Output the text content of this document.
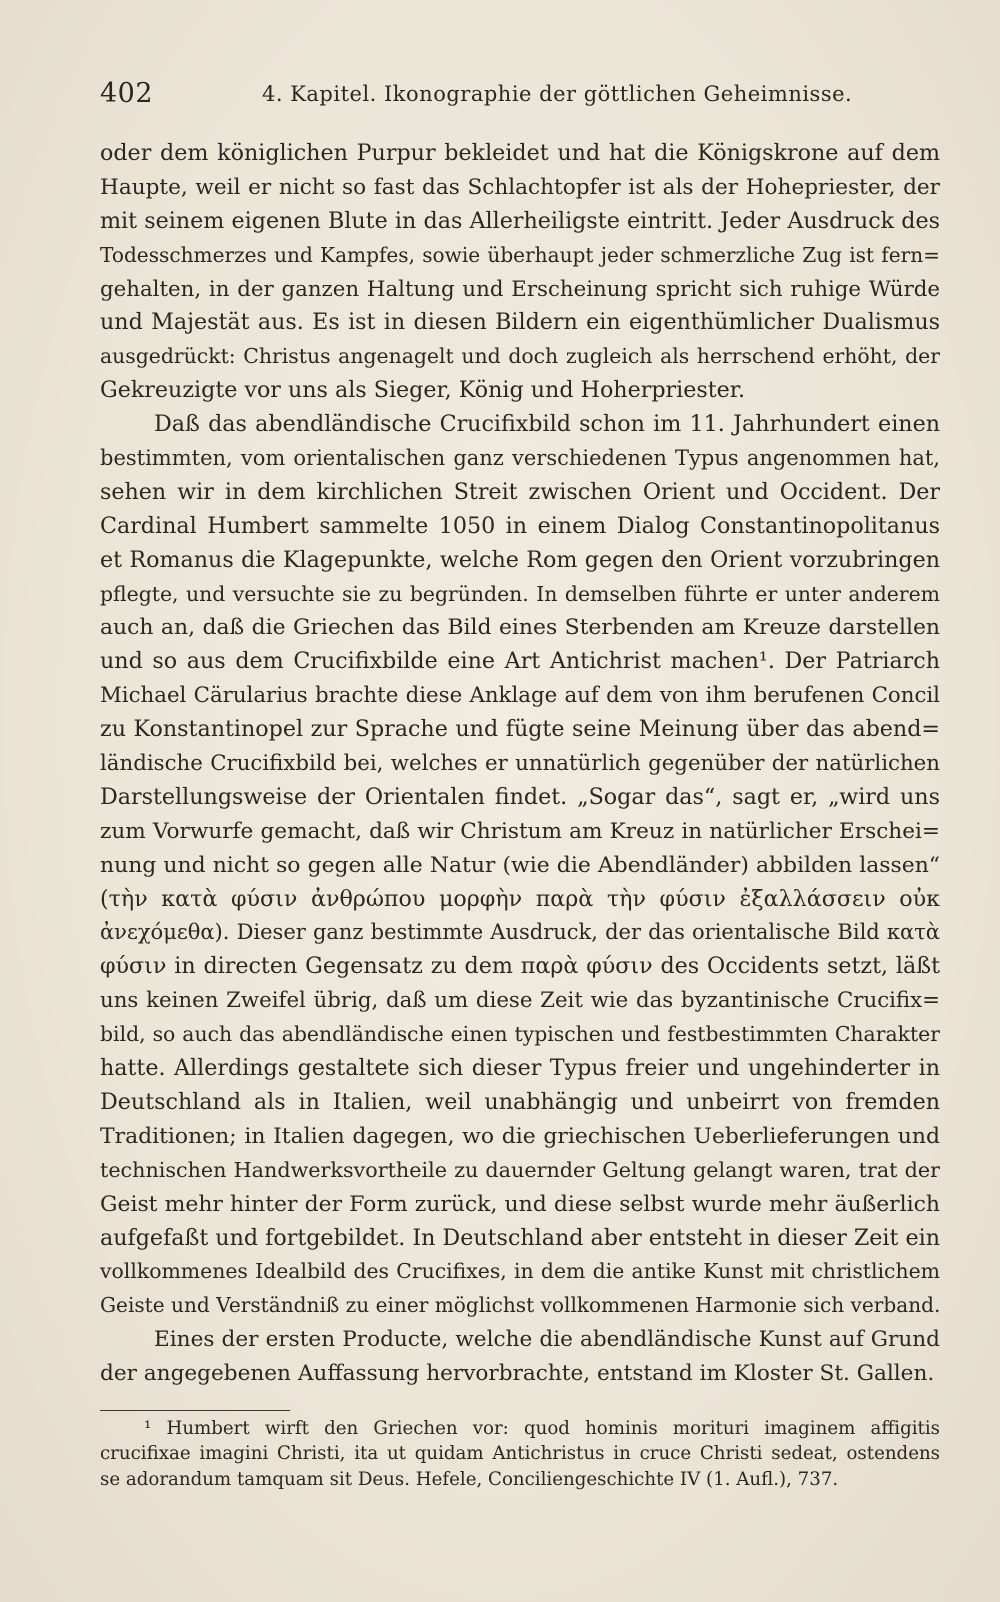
402	4. Kapitel. Ikonographie der göttlichen Geheimnisse.
oder dem königlichen Purpur bekleidet und hat die Königskrone auf dem
Haupte, weil er nicht so fast das Schlachtopfer ist als der Hohepriester, der
mit seinem eigenen Blute in das Allerheiligste eintritt. Jeder Ausdruck des
Todesschmerzes und Kampfes, sowie überhaupt jeder schmerzliche Zug ist fern=
gehalten, in der ganzen Haltung und Erscheinung spricht sich ruhige Würde
und Majestät aus. Es ist in diesen Bildern ein eigenthümlicher Dualismus
ausgedrückt: Christus angenagelt und doch zugleich als herrschend erhöht, der
Gekreuzigte vor uns als Sieger, König und Hoherpriester.
Daß das abendländische Crucifixbild schon im 11. Jahrhundert einen
bestimmten, vom orientalischen ganz verschiedenen Typus angenommen hat,
sehen wir in dem kirchlichen Streit zwischen Orient und Occident. Der
Cardinal Humbert sammelte 1050 in einem Dialog Constantinopolitanus
et Romanus die Klagepunkte, welche Rom gegen den Orient vorzubringen
pflegte, und versuchte sie zu begründen. In demselben führte er unter anderem
auch an, daß die Griechen das Bild eines Sterbenden am Kreuze darstellen
und so aus dem Crucifixbilde eine Art Antichrist machen¹. Der Patriarch
Michael Cärularius brachte diese Anklage auf dem von ihm berufenen Concil
zu Konstantinopel zur Sprache und fügte seine Meinung über das abend=
ländische Crucifixbild bei, welches er unnatürlich gegenüber der natürlichen
Darstellungsweise der Orientalen findet. „Sogar das“, sagt er, „wird uns
zum Vorwurfe gemacht, daß wir Christum am Kreuz in natürlicher Erschei=
nung und nicht so gegen alle Natur (wie die Abendländer) abbilden lassen“
(τὴν κατὰ φύσιν ἀνθρώπου μορφὴν παρὰ τὴν φύσιν ἐξαλλάσσειν οὐκ
ἀνεχόμεθα). Dieser ganz bestimmte Ausdruck, der das orientalische Bild κατὰ
φύσιν in directen Gegensatz zu dem παρὰ φύσιν des Occidents setzt, läßt
uns keinen Zweifel übrig, daß um diese Zeit wie das byzantinische Crucifix=
bild, so auch das abendländische einen typischen und festbestimmten Charakter
hatte. Allerdings gestaltete sich dieser Typus freier und ungehinderter in
Deutschland als in Italien, weil unabhängig und unbeirrt von fremden
Traditionen; in Italien dagegen, wo die griechischen Ueberlieferungen und
technischen Handwerksvortheile zu dauernder Geltung gelangt waren, trat der
Geist mehr hinter der Form zurück, und diese selbst wurde mehr äußerlich
aufgefaßt und fortgebildet. In Deutschland aber entsteht in dieser Zeit ein
vollkommenes Idealbild des Crucifixes, in dem die antike Kunst mit christlichem
Geiste und Verständniß zu einer möglichst vollkommenen Harmonie sich verband.
Eines der ersten Producte, welche die abendländische Kunst auf Grund
der angegebenen Auffassung hervorbrachte, entstand im Kloster St. Gallen.
¹ Humbert wirft den Griechen vor: quod hominis morituri imaginem affigitis
crucifixae imagini Christi, ita ut quidam Antichristus in cruce Christi sedeat, ostendens
se adorandum tamquam sit Deus. Hefele, Conciliengeschichte IV (1. Aufl.), 737.
